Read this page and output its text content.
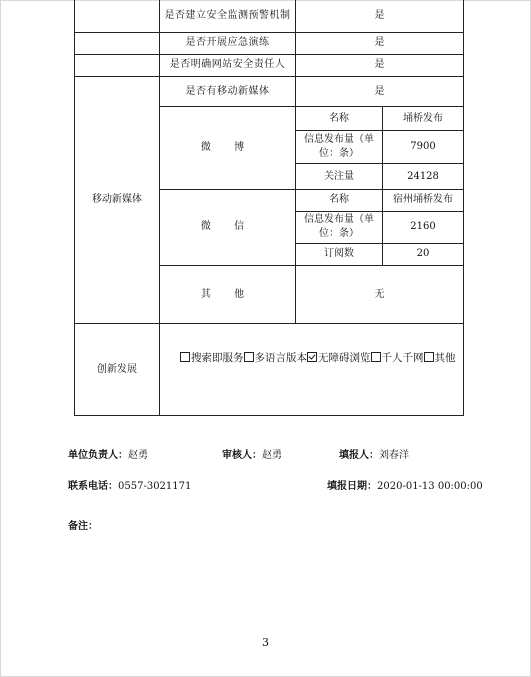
	是否建立安全监测预警机制	是	
	是否开展应急演练	是	
	是否明确网站安全责任人	是	
移动新媒体	是否有移动新媒体	是	
	微 博	名称	埇桥发布
		信息发布量（单位：条）	7900
		关注量	24128
	微 信	名称	宿州埇桥发布
		信息发布量（单位：条）	2160
		订阅数	20
	其 他	无	
创新发展	搜索即服务 多语言版本 无障碍浏览 千人千网 其他		
单位负责人：赵勇	审核人：赵勇	填报人：刘春洋
联系电话：0557-3021171	填报日期：2020-01-13 00:00:00
备注：
3
